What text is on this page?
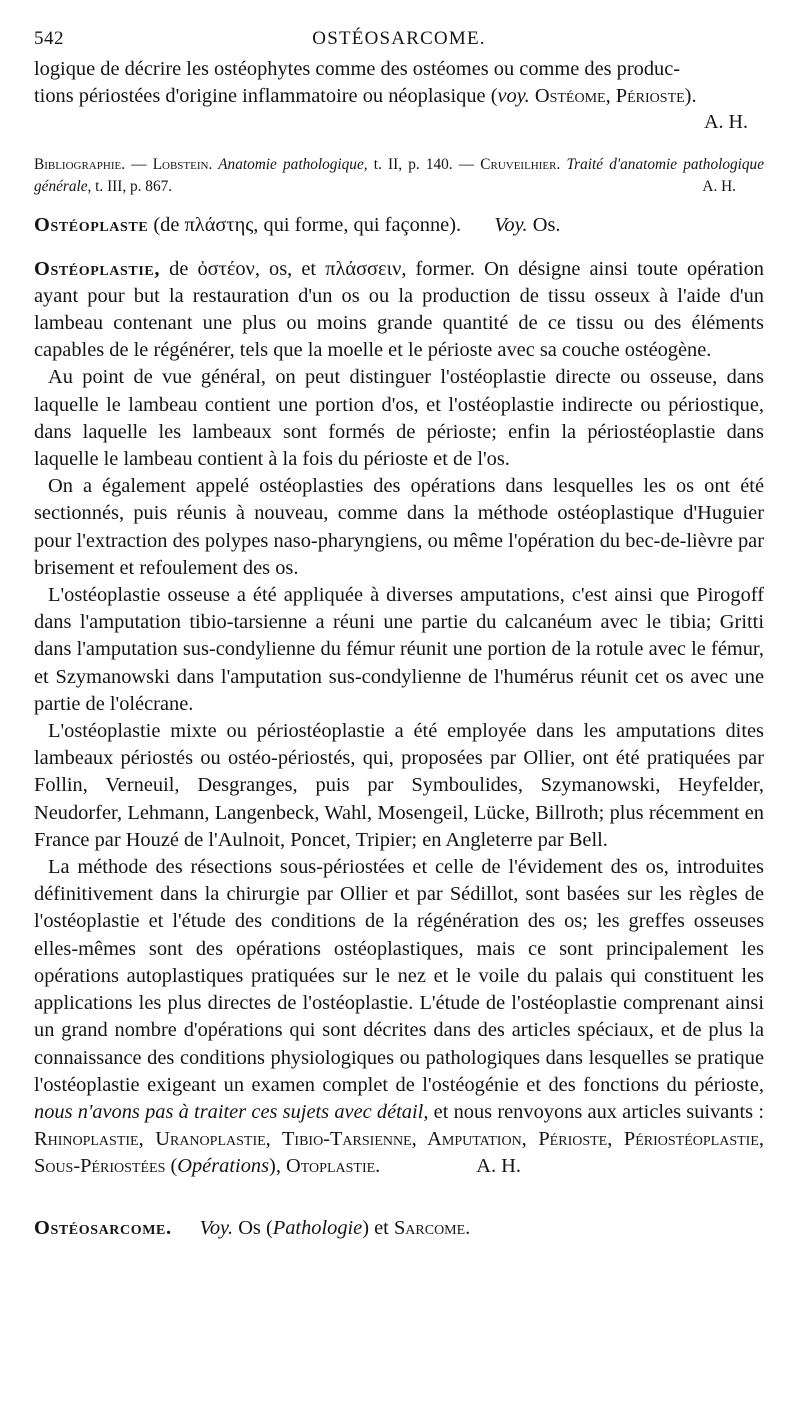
542	OSTÉOSARCOME.

logique de décrire les ostéophytes comme des ostéomes ou comme des produc-

tions périostées d'origine inflammatoire ou néoplasique (voy. Ostéome, Périoste).

A. H.

Bibliographie. — Lobstein. Anatomie pathologique, t. II, p. 140. — Cruveilhier. Traité d'anatomie pathologique générale, t. III, p. 867.	A. H.

Ostéoplaste (de πλάστης, qui forme, qui façonne). Voy. Os.

Ostéoplastie, de ὀστέον, os, et πλάσσειν, former. On désigne ainsi toute opération ayant pour but la restauration d'un os ou la production de tissu osseux à l'aide d'un lambeau contenant une plus ou moins grande quantité de ce tissu ou des éléments capables de le régénérer, tels que la moelle et le périoste avec sa couche ostéogène.

Au point de vue général, on peut distinguer l'ostéoplastie directe ou osseuse, dans laquelle le lambeau contient une portion d'os, et l'ostéoplastie indirecte ou périostique, dans laquelle les lambeaux sont formés de périoste; enfin la périostéoplastie dans laquelle le lambeau contient à la fois du périoste et de l'os.

On a également appelé ostéoplasties des opérations dans lesquelles les os ont été sectionnés, puis réunis à nouveau, comme dans la méthode ostéoplastique d'Huguier pour l'extraction des polypes naso-pharyngiens, ou même l'opération du bec-de-lièvre par brisement et refoulement des os.

L'ostéoplastie osseuse a été appliquée à diverses amputations, c'est ainsi que Pirogoff dans l'amputation tibio-tarsienne a réuni une partie du calcanéum avec le tibia; Gritti dans l'amputation sus-condylienne du fémur réunit une portion de la rotule avec le fémur, et Szymanowski dans l'amputation sus-condylienne de l'humérus réunit cet os avec une partie de l'olécrane.

L'ostéoplastie mixte ou périostéoplastie a été employée dans les amputations dites lambeaux périostés ou ostéo-périostés, qui, proposées par Ollier, ont été pratiquées par Follin, Verneuil, Desgranges, puis par Symboulides, Szymanowski, Heyfelder, Neudorfer, Lehmann, Langenbeck, Wahl, Mosengeil, Lücke, Billroth; plus récemment en France par Houzé de l'Aulnoit, Poncet, Tripier; en Angleterre par Bell.

La méthode des résections sous-périostées et celle de l'évidement des os, introduites définitivement dans la chirurgie par Ollier et par Sédillot, sont basées sur les règles de l'ostéoplastie et l'étude des conditions de la régénération des os; les greffes osseuses elles-mêmes sont des opérations ostéoplastiques, mais ce sont principalement les opérations autoplastiques pratiquées sur le nez et le voile du palais qui constituent les applications les plus directes de l'ostéoplastie. L'étude de l'ostéoplastie comprenant ainsi un grand nombre d'opérations qui sont décrites dans des articles spéciaux, et de plus la connaissance des conditions physiologiques ou pathologiques dans lesquelles se pratique l'ostéoplastie exigeant un examen complet de l'ostéogénie et des fonctions du périoste, nous n'avons pas à traiter ces sujets avec détail, et nous renvoyons aux articles suivants : Rhinoplastie, Uranoplastie, Tibio-Tarsienne, Amputation, Périoste, Périostéoplastie, Sous-Périostées (Opérations), Otoplastie.	A. H.

Ostéosarcome. Voy. Os (Pathologie) et Sarcome.
